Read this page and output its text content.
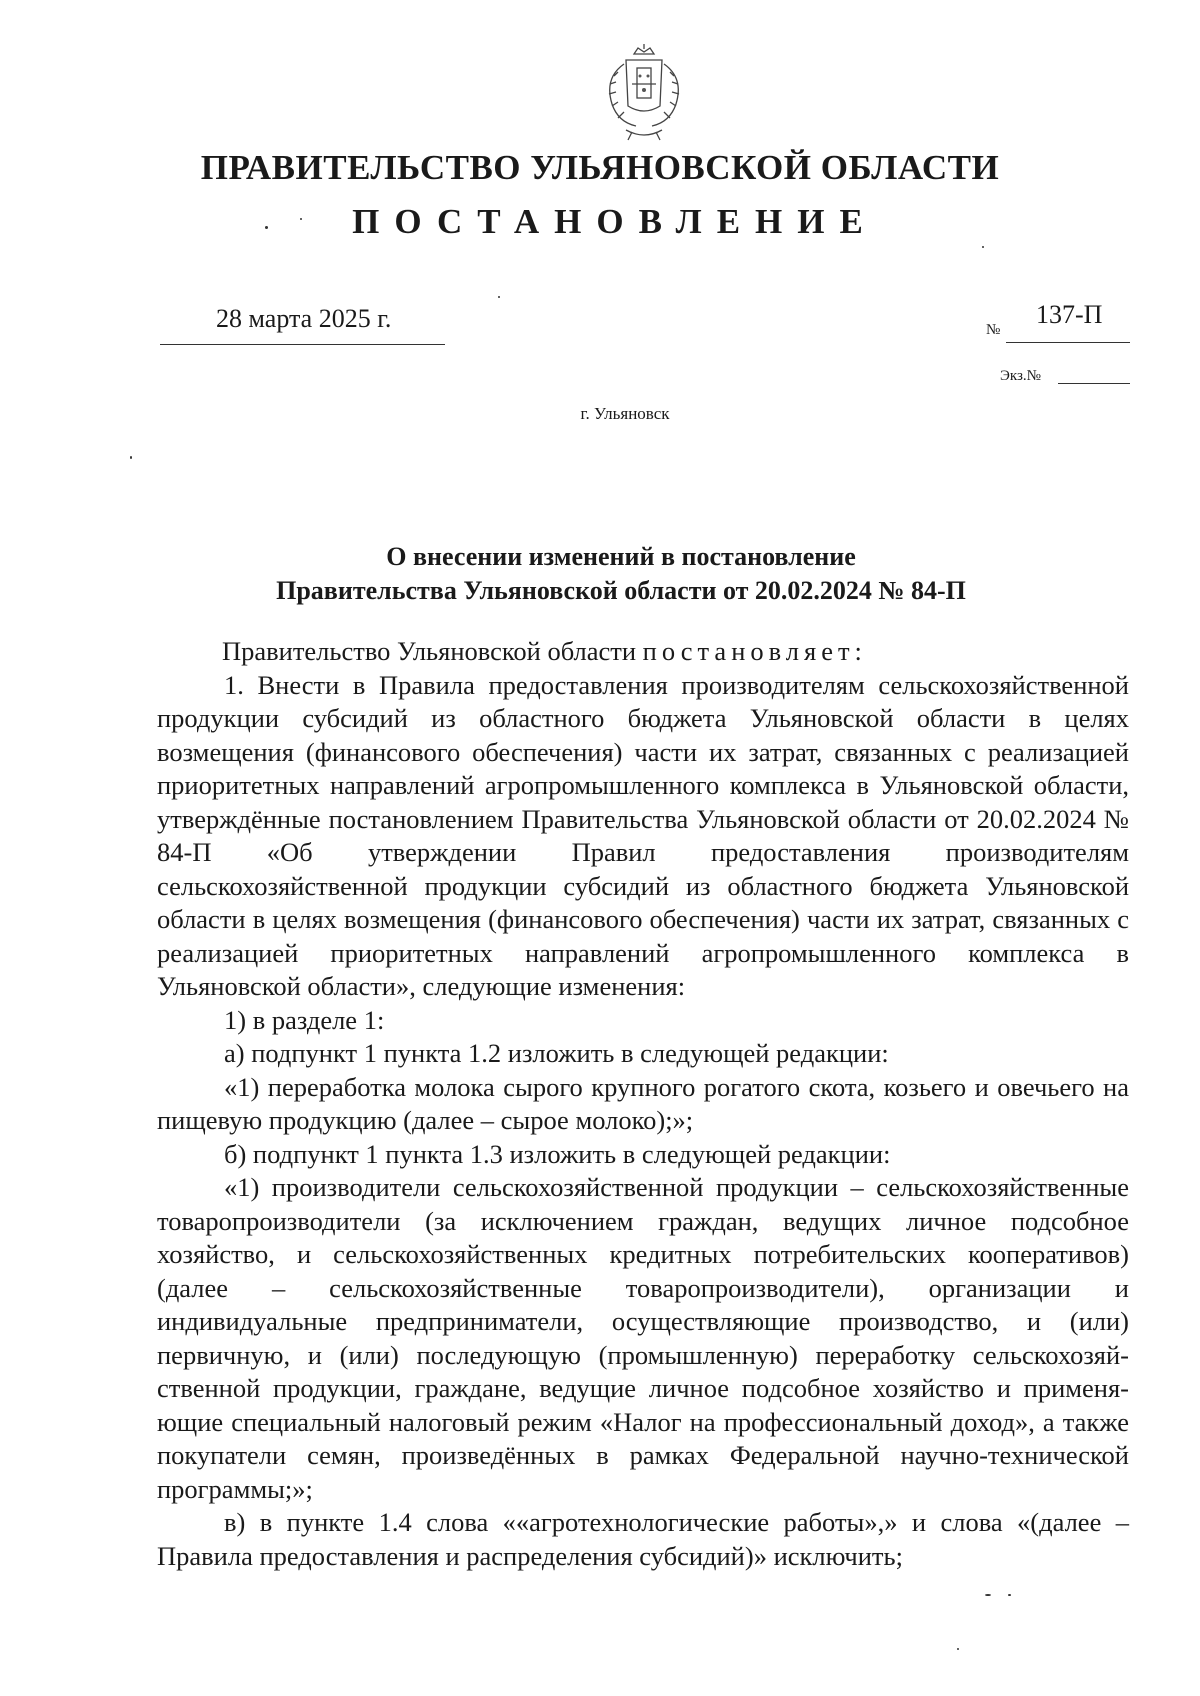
ПРАВИТЕЛЬСТВО УЛЬЯНОВСКОЙ ОБЛАСТИ
ПОСТАНОВЛЕНИЕ
28 марта 2025 г.	№
137-П
Экз.№
г. Ульяновск
О внесении изменений в постановление
Правительства Ульяновской области от 20.02.2024 № 84-П

Правительство Ульяновской области постановляет:

1. Внести в Правила предоставления производителям сельскохозяйственной продукции субсидий из областного бюджета Ульяновской области в целях возмещения (финансового обеспечения) части их затрат, связанных с реализацией приоритетных направлений агропромышленного комплекса в Ульяновской области, утверждённые постановлением Правительства Ульяновской области от 20.02.2024 № 84-П «Об утверждении Правил предоставления производителям сельскохозяйственной продукции субсидий из областного бюджета Ульяновской области в целях возмещения (финансового обеспечения) части их затрат, связанных с реализацией приоритетных направлений агропромышленного комплекса в Ульяновской области», следующие изменения:

1) в разделе 1:

а) подпункт 1 пункта 1.2 изложить в следующей редакции:

«1) переработка молока сырого крупного рогатого скота, козьего и овечьего на пищевую продукцию (далее – сырое молоко);»;

б) подпункт 1 пункта 1.3 изложить в следующей редакции:

«1) производители сельскохозяйственной продукции – сельскохозяйственные товаропроизводители (за исключением граждан, ведущих личное подсобное хозяйство, и сельскохозяйственных кредитных потребительских кооперативов) (далее – сельскохозяйственные товаропроизводители), организации и индивидуальные предприниматели, осуществляющие производство, и (или) первичную, и (или) последующую (промышленную) переработку сельскохозяйственной продукции, граждане, ведущие личное подсобное хозяйство и применяющие специальный налоговый режим «Налог на профессиональный доход», а также покупатели семян, произведённых в рамках Федеральной научно-технической программы;»;

в) в пункте 1.4 слова ««агротехнологические работы»,» и слова «(далее – Правила предоставления и распределения субсидий)» исключить;
